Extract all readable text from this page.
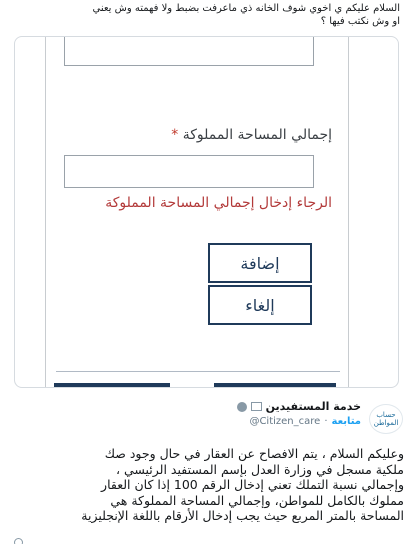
السلام عليكم ي اخوي شوف الخانه ذي ماعرفت بضبط ولا فهمته وش يعني
او وش نكتب فيها ؟
إجمالي المساحة المملوكة *
الرجاء إدخال إجمالي المساحة المملوكة
إضافة
إلغاء
حساب المواطن
خدمة المستفيدين
متابعة
·
@Citizen_care
وعليكم السلام ، يتم الافصاح عن العقار في حال وجود صك
ملكية مسجل في وزارة العدل بإسم المستفيد الرئيسي ،
وإجمالي نسبة التملك تعني إدخال الرقم 100 إذا كان العقار
مملوك بالكامل للمواطن، وإجمالي المساحة المملوكة هي
المساحة بالمتر المربع حيث يجب إدخال الأرقام باللغة الإنجليزية
